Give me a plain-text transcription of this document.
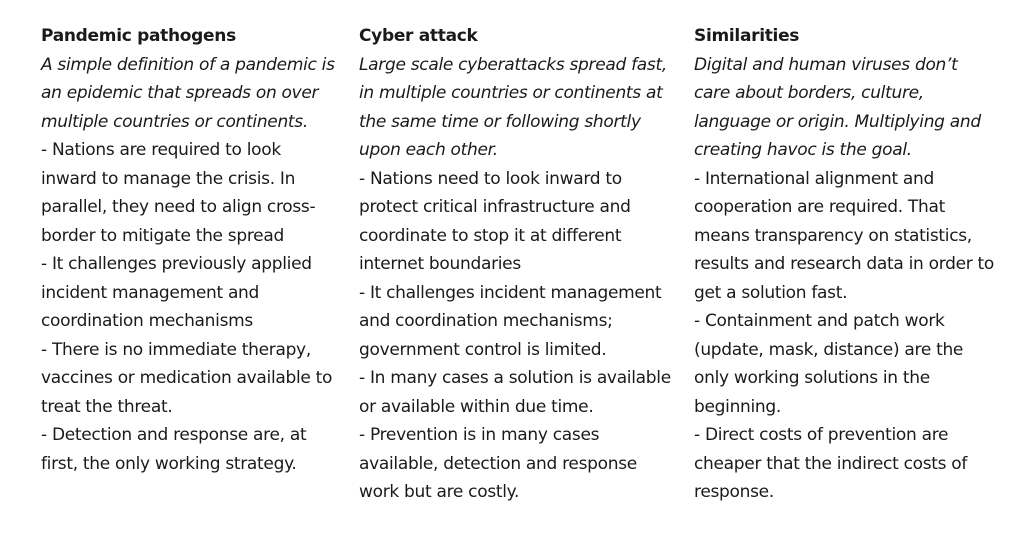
Pandemic pathogens

A simple definition of a pandemic is
an epidemic that spreads on over
multiple countries or continents.

- Nations are required to look
inward to manage the crisis. In
parallel, they need to align cross-
border to mitigate the spread

- It challenges previously applied
incident management and
coordination mechanisms

- There is no immediate therapy,
vaccines or medication available to
treat the threat.

- Detection and response are, at
first, the only working strategy.

Cyber attack

Large scale cyberattacks spread fast,
in multiple countries or continents at
the same time or following shortly
upon each other.

- Nations need to look inward to
protect critical infrastructure and
coordinate to stop it at different
internet boundaries

- It challenges incident management
and coordination mechanisms;
government control is limited.

- In many cases a solution is available
or available within due time.

- Prevention is in many cases
available, detection and response
work but are costly.

Similarities

Digital and human viruses don’t
care about borders, culture,
language or origin. Multiplying and
creating havoc is the goal.

- International alignment and
cooperation are required. That
means transparency on statistics,
results and research data in order to
get a solution fast.

- Containment and patch work
(update, mask, distance) are the
only working solutions in the
beginning.

- Direct costs of prevention are
cheaper that the indirect costs of
response.
